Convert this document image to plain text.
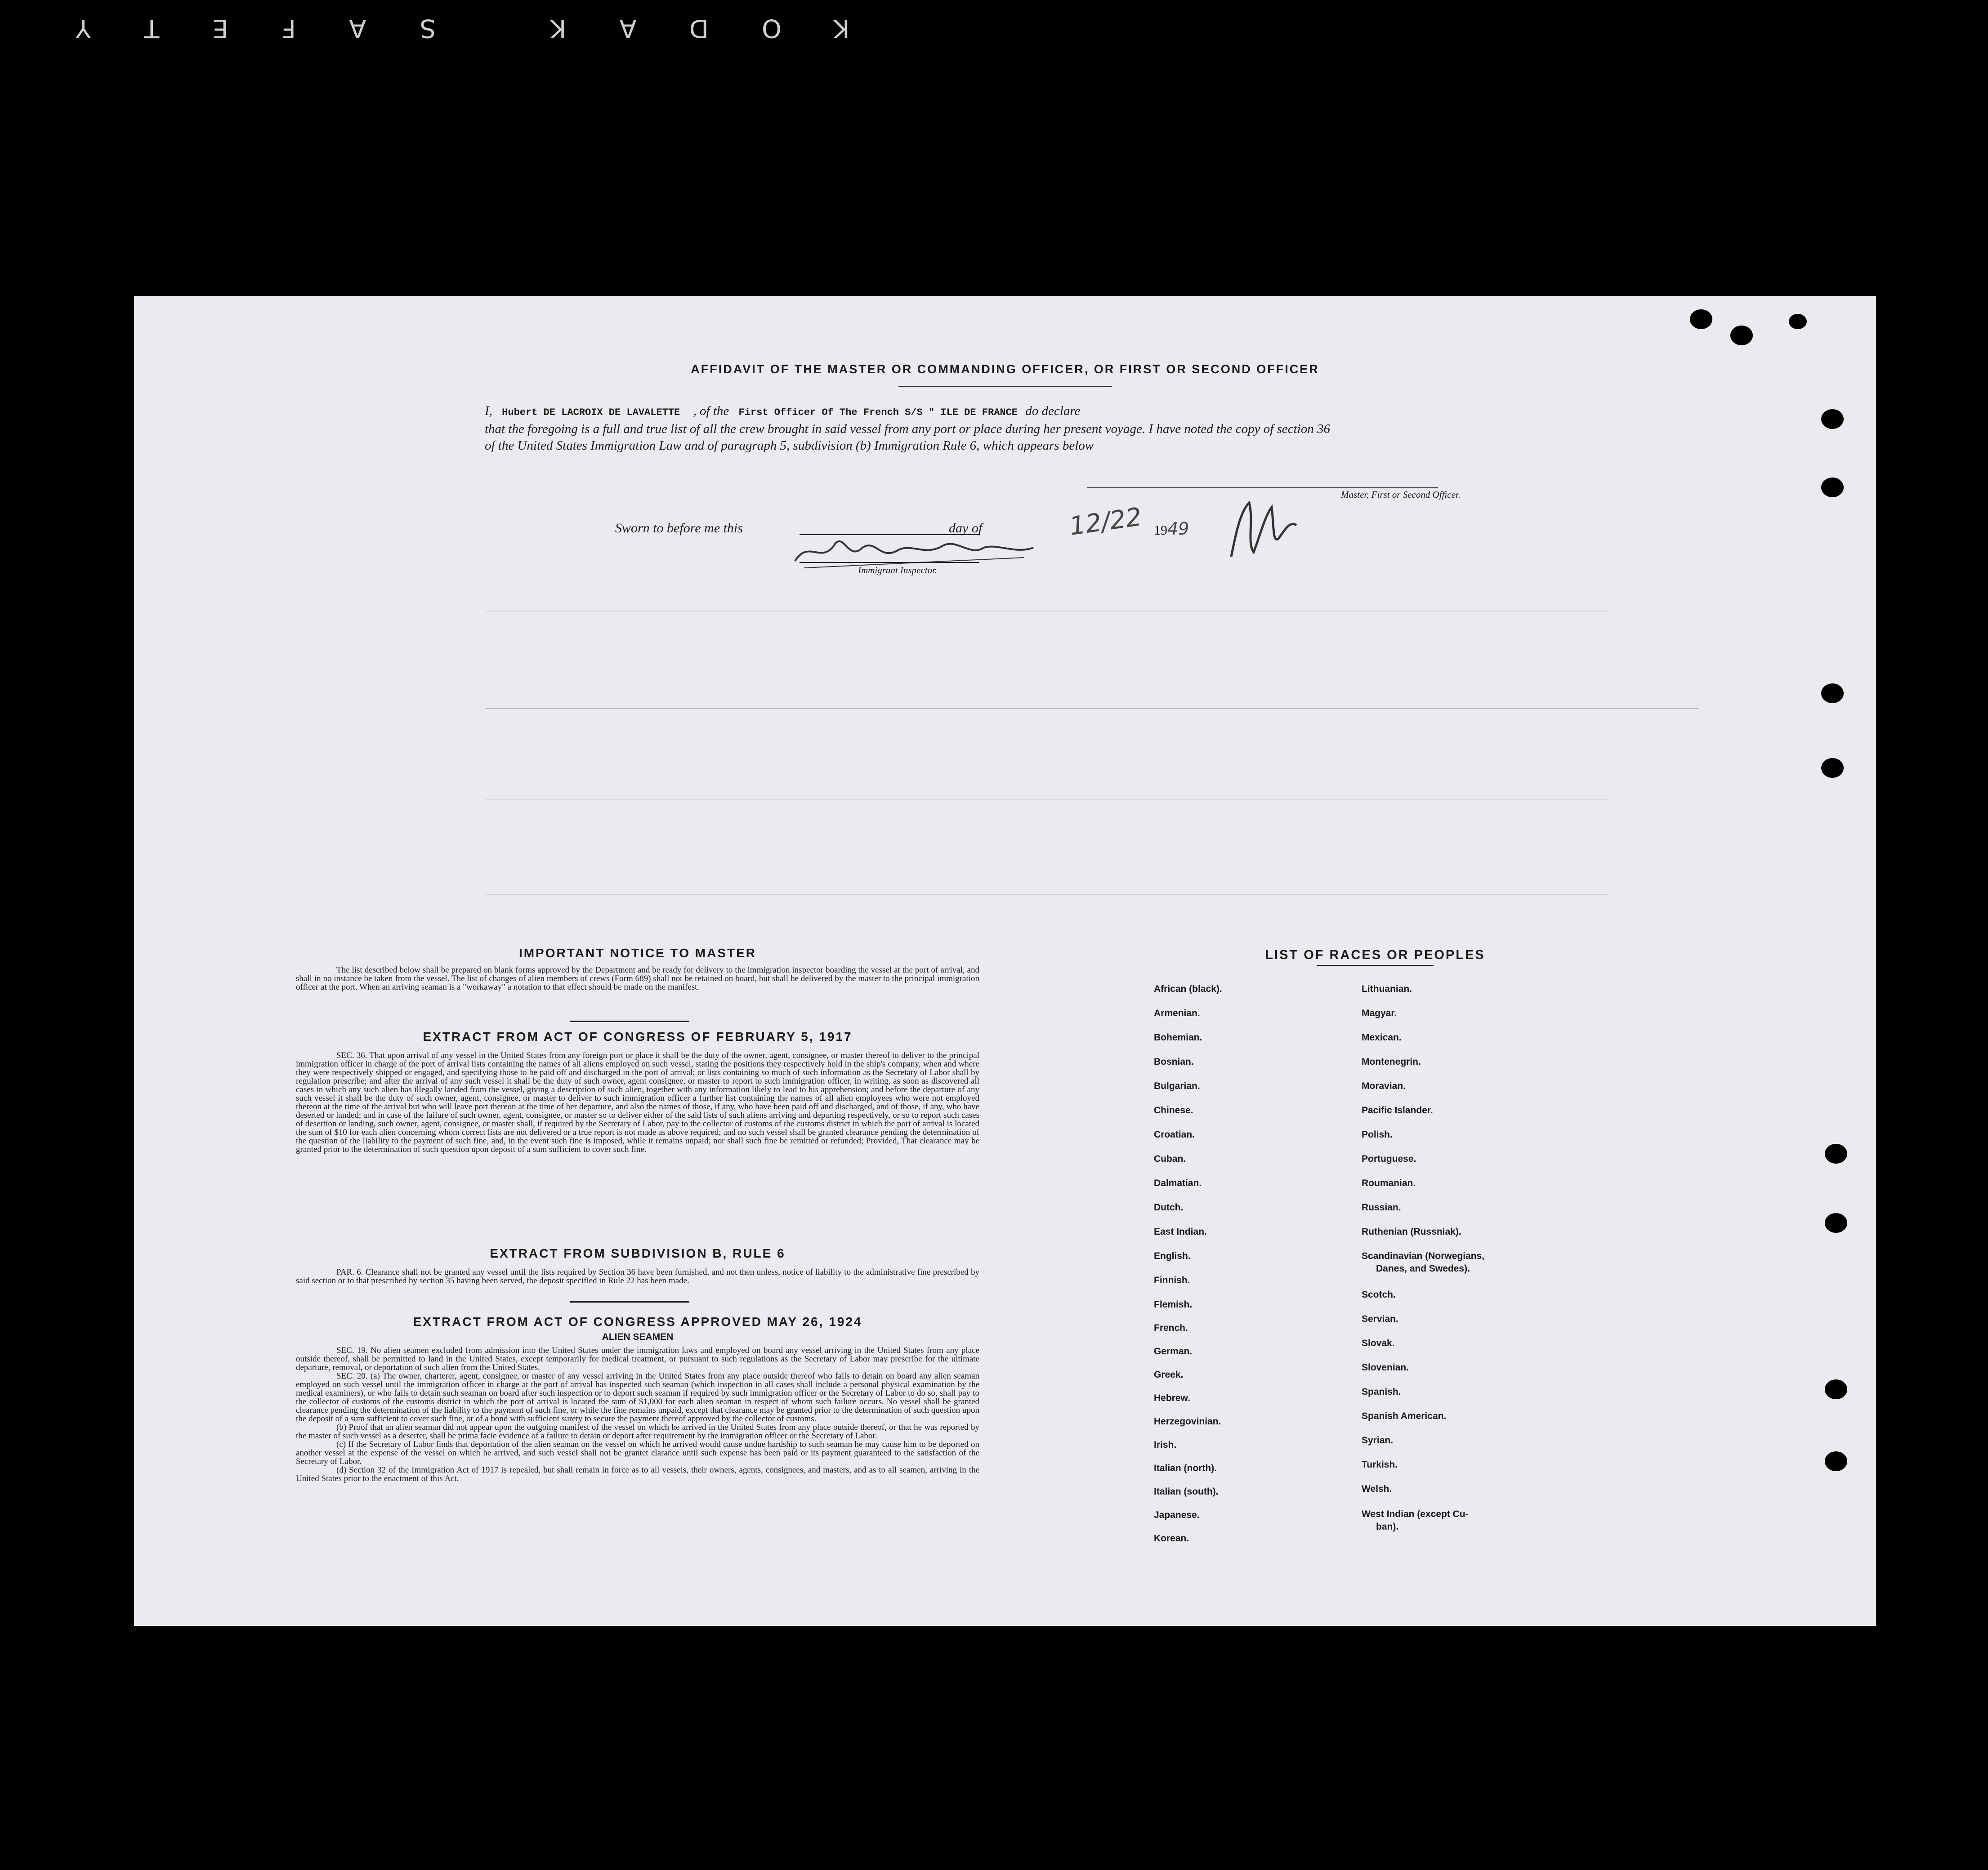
KODAK SAFETY
AFFIDAVIT OF THE MASTER OR COMMANDING OFFICER, OR FIRST OR SECOND OFFICER
I, Hubert DE LACROIX DE LAVALETTE , of the First Officer Of The French S/S " ILE DE FRANCE do declare
that the foregoing is a full and true list of all the crew brought in said vessel from any port or place during her present voyage. I have noted the copy of section 36 of the United States Immigration Law and of paragraph 5, subdivision (b) Immigration Rule 6, which appears below
Master, First or Second Officer.
Sworn to before me this	day of	12/22 1949
Immigrant Inspector.
IMPORTANT NOTICE TO MASTER
The list described below shall be prepared on blank forms approved by the Department and be ready for delivery to the immigration inspector boarding the vessel at the port of arrival, and shall in no instance be taken from the vessel. The list of changes of alien members of crews (Form 689) shall not be retained on board, but shall be delivered by the master to the principal immigration officer at the port. When an arriving seaman is a "workaway" a notation to that effect should be made on the manifest.
EXTRACT FROM ACT OF CONGRESS OF FEBRUARY 5, 1917
SEC. 36. That upon arrival of any vessel in the United States from any foreign port or place it shall be the duty of the owner, agent, consignee, or master thereof to deliver to the principal immigration officer in charge of the port of arrival lists containing the names of all aliens employed on such vessel, stating the positions they respectively hold in the ship's company, when and where they were respectively shipped or engaged, and specifying those to be paid off and discharged in the port of arrival; or lists containing so much of such information as the Secretary of Labor shall by regulation prescribe; and after the arrival of any such vessel it shall be the duty of such owner, agent consignee, or master to report to such immigration officer, in writing, as soon as discovered all cases in which any such alien has illegally landed from the vessel, giving a description of such alien, together with any information likely to lead to his apprehension; and before the departure of any such vessel it shall be the duty of such owner, agent, consignee, or master to deliver to such immigration officer a further list containing the names of all alien employees who were not employed thereon at the time of the arrival but who will leave port thereon at the time of her departure, and also the names of those, if any, who have been paid off and discharged, and of those, if any, who have deserted or landed; and in case of the failure of such owner, agent, consignee, or master so to deliver either of the said lists of such aliens arriving and departing respectively, or so to report such cases of desertion or landing, such owner, agent, consignee, or master shall, if required by the Secretary of Labor, pay to the collector of customs of the customs district in which the port of arrival is located the sum of $10 for each alien concerning whom correct lists are not delivered or a true report is not made as above required; and no such vessel shall be granted clearance pending the determination of the question of the liability to the payment of such fine, and, in the event such fine is imposed, while it remains unpaid; nor shall such fine be remitted or refunded; Provided, That clearance may be granted prior to the determination of such question upon deposit of a sum sufficient to cover such fine.
EXTRACT FROM SUBDIVISION B, RULE 6
PAR. 6. Clearance shall not be granted any vessel until the lists required by Section 36 have been furnished, and not then unless, notice of liability to the administrative fine prescribed by said section or to that prescribed by section 35 having been served, the deposit specified in Rule 22 has been made.
EXTRACT FROM ACT OF CONGRESS APPROVED MAY 26, 1924
ALIEN SEAMEN
SEC. 19. No alien seamen excluded from admission into the United States under the immigration laws and employed on board any vessel arriving in the United States from any place outside thereof, shall be permitted to land in the United States, except temporarily for medical treatment, or pursuant to such regulations as the Secretary of Labor may prescribe for the ultimate departure, removal, or deportation of such alien from the United States.
SEC. 20. (a) The owner, charterer, agent, consignee, or master of any vessel arriving in the United States from any place outside thereof who fails to detain on board any alien seaman employed on such vessel until the immigration officer in charge at the port of arrival has inspected such seaman (which inspection in all cases shall include a personal physical examination by the medical examiners), or who fails to detain such seaman on board after such inspection or to deport such seaman if required by such immigration officer or the Secretary of Labor to do so, shall pay to the collector of customs of the customs district in which the port of arrival is located the sum of $1,000 for each alien seaman in respect of whom such failure occurs. No vessel shall be granted clearance pending the determination of the liability to the payment of such fine, or while the fine remains unpaid, except that clearance may be granted prior to the determination of such question upon the deposit of a sum sufficient to cover such fine, or of a bond with sufficient surety to secure the payment thereof approved by the collector of customs.
(b) Proof that an alien seaman did not appear upon the outgoing manifest of the vessel on which he arrived in the United States from any place outside thereof, or that he was reported by the master of such vessel as a deserter, shall be prima facie evidence of a failure to detain or deport after requirement by the immigration officer or the Secretary of Labor.
(c) If the Secretary of Labor finds that deportation of the alien seaman on the vessel on which he arrived would cause undue hardship to such seaman he may cause him to be deported on another vessel at the expense of the vessel on which he arrived, and such vessel shall not be grantet clarance until such expense has been paid or its payment guaranteed to the satisfaction of the Secretary of Labor.
(d) Section 32 of the Immigration Act of 1917 is repealed, but shall remain in force as to all vessels, their owners, agents, consignees, and masters, and as to all seamen, arriving in the United States prior to the enactment of this Act.
LIST OF RACES OR PEOPLES
African (black).
Armenian.
Bohemian.
Bosnian.
Bulgarian.
Chinese.
Croatian.
Cuban.
Dalmatian.
Dutch.
East Indian.
English.
Finnish.
Flemish.
French.
German.
Greek.
Hebrew.
Herzegovinian.
Irish.
Italian (north).
Italian (south).
Japanese.
Korean.
Lithuanian.
Magyar.
Mexican.
Montenegrin.
Moravian.
Pacific Islander.
Polish.
Portuguese.
Roumanian.
Russian.
Ruthenian (Russniak).
Scandinavian (Norwegians,
Danes, and Swedes).
Scotch.
Servian.
Slovak.
Slovenian.
Spanish.
Spanish American.
Syrian.
Turkish.
Welsh.
West Indian (except Cu-
ban).
